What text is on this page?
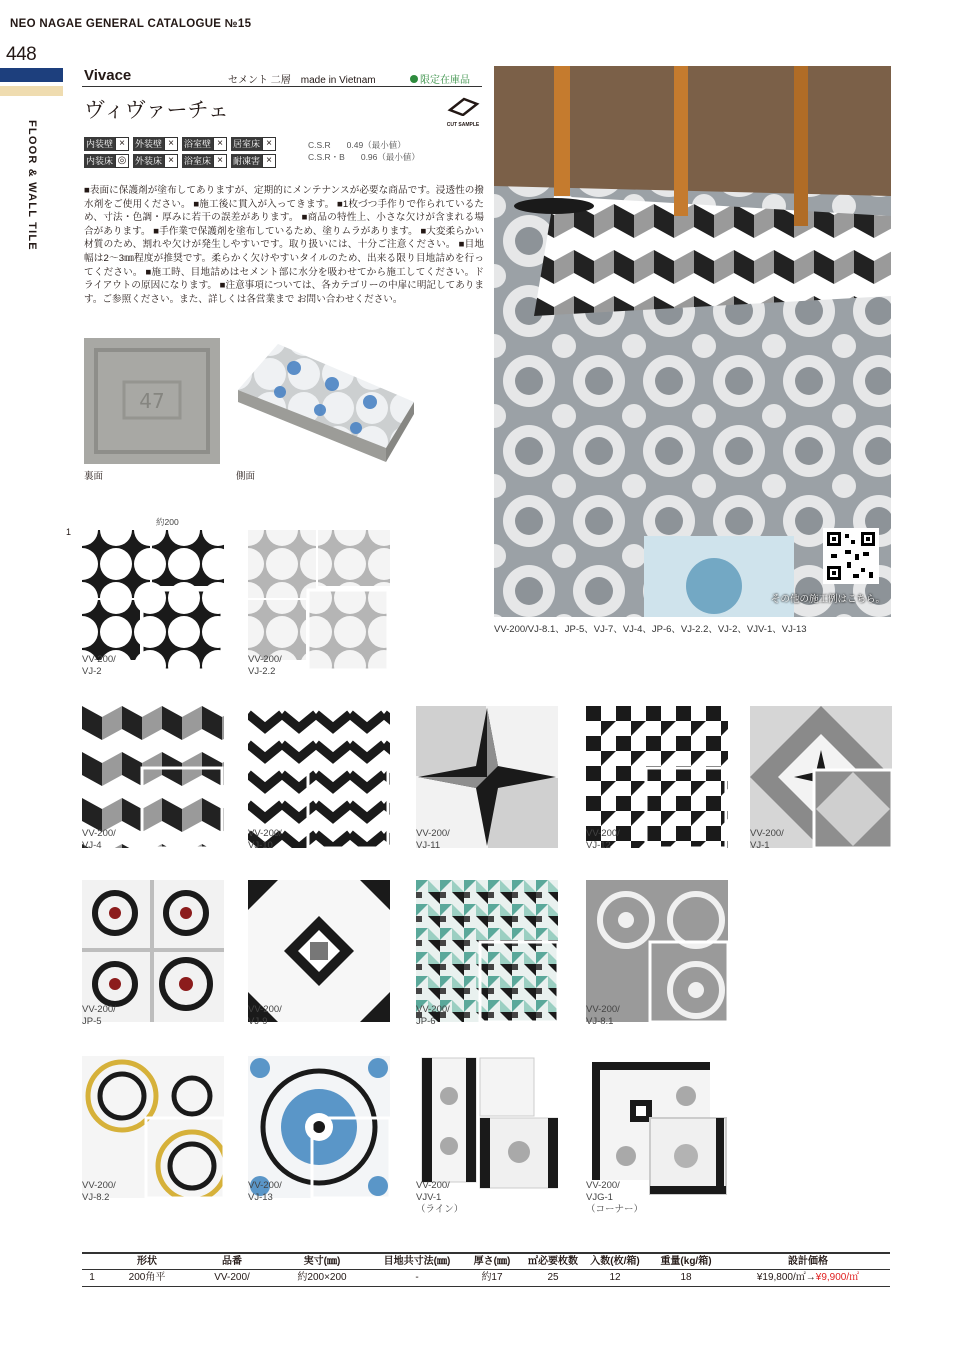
NEO NAGAE GENERAL CATALOGUE №15
448
FLOOR & WALL TILE
Vivace	セメント 二層　made in Vietnam	限定在庫品
ヴィヴァーチェ
CUT SAMPLE
内装壁 ×	外装壁 ×	浴室壁 ×	居室床 ×
内装床 ◎ 外装床 ×	浴室床 ×	耐凍害 ×
C.S.R 0.49（最小値）
C.S.R・B 0.96（最小値）
■表面に保護剤が塗布してありますが、定期的にメンテナンスが必要な商品です。浸透性の撥水剤をご使用ください。 ■施工後に貫入が入ってきます。 ■1枚づつ手作りで作られているため、寸法・色調・厚みに若干の誤差があります。 ■商品の特性上、小さな欠けが含まれる場合があります。 ■手作業で保護剤を塗布しているため、塗りムラがあります。 ■大変柔らかい材質のため、割れや欠けが発生しやすいです。取り扱いには、十分ご注意ください。 ■目地幅は2～3㎜程度が推奨です。柔らかく欠けやすいタイルのため、出来る限り目地詰めを行ってください。 ■施工時、目地詰めはセメント部に水分を吸わせてから施工してください。ドライアウトの原因になります。 ■注意事項については、各カテゴリーの中扉に明記してあります。ご参照ください。また、詳しくは各営業まで お問い合わせください。
47
裏面	側面
その他の施工例はこちら。
VV-200/VJ-8.1、JP-5、VJ-7、VJ-4、JP-6、VJ-2.2、VJ-2、VJV-1、VJ-13
1
約200
VV-200/
VJ-2
VV-200/
VJ-2.2
VV-200/
VJ-4
VV-200/
VJ-10
VV-200/
VJ-11
VV-200/
VJ-12
VV-200/
VJ-1
VV-200/
JP-5
VV-200/
VJ-9
VV-200/
JP-6
VV-200/
VJ-8.1
VV-200/
VJ-8.2
VV-200/
VJ-13
VV-200/
VJV-1
（ライン）
VV-200/
VJG-1
（コーナー）
形状	品番	実寸(㎜)	目地共寸法(㎜)	厚さ(㎜)	㎡必要枚数	入数(枚/箱)	重量(kg/箱)	設計価格
1	200角平	VV-200/	約200×200	-	約17	25	12	18	¥19,800/㎡→¥9,900/㎡
